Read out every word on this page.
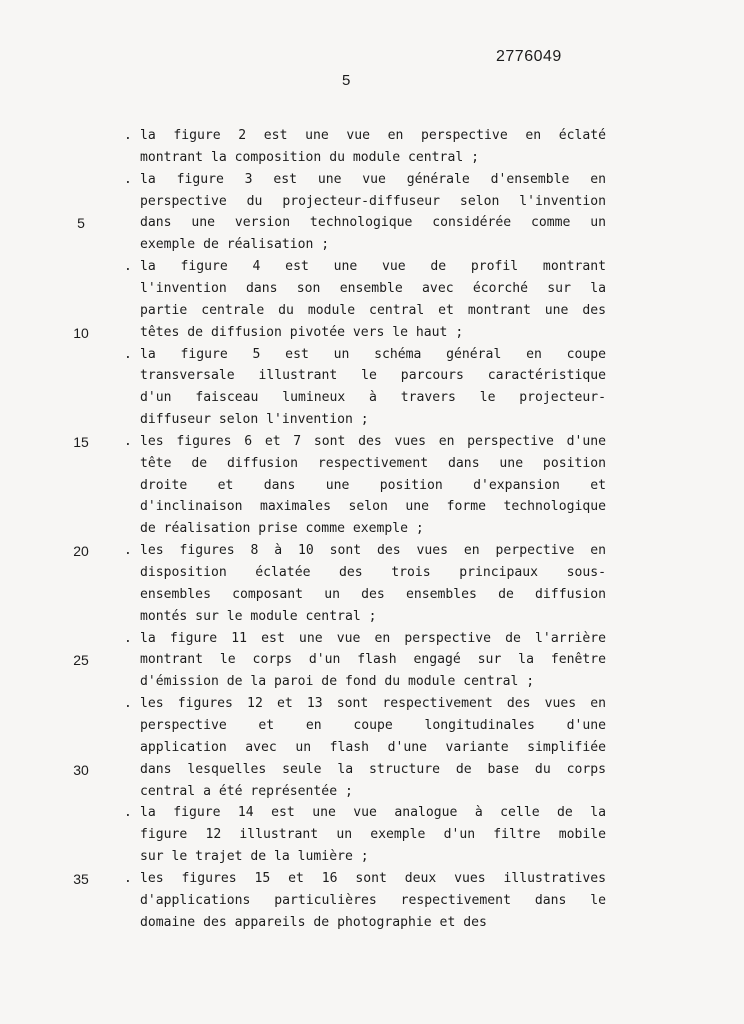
2776049
5
la figure 2 est une vue en perspective en éclaté
.
montrant la composition du module central ;
la figure 3 est une vue générale d'ensemble en
.
perspective du projecteur-diffuseur selon l'invention
dans une version technologique considérée comme un
exemple de réalisation ;
la figure 4 est une vue de profil montrant
.
l'invention dans son ensemble avec écorché sur la
partie centrale du module central et montrant une des
têtes de diffusion pivotée vers le haut ;
la figure 5 est un schéma général en coupe
.
transversale illustrant le parcours caractéristique
d'un faisceau lumineux à travers le projecteur-
diffuseur selon l'invention ;
les figures 6 et 7 sont des vues en perspective d'une
.
tête de diffusion respectivement dans une position
droite et dans une position d'expansion et
d'inclinaison maximales selon une forme technologique
de réalisation prise comme exemple ;
les figures 8 à 10 sont des vues en perpective en
.
disposition éclatée des trois principaux sous-
ensembles composant un des ensembles de diffusion
montés sur le module central ;
la figure 11 est une vue en perspective de l'arrière
.
montrant le corps d'un flash engagé sur la fenêtre
d'émission de la paroi de fond du module central ;
les figures 12 et 13 sont respectivement des vues en
.
perspective et en coupe longitudinales d'une
application avec un flash d'une variante simplifiée
dans lesquelles seule la structure de base du corps
central a été représentée ;
la figure 14 est une vue analogue à celle de la
.
figure 12 illustrant un exemple d'un filtre mobile
sur le trajet de la lumière ;
les figures 15 et 16 sont deux vues illustratives
.
d'applications particulières respectivement dans le
domaine des appareils de photographie et des
5
10
15
20
25
30
35
